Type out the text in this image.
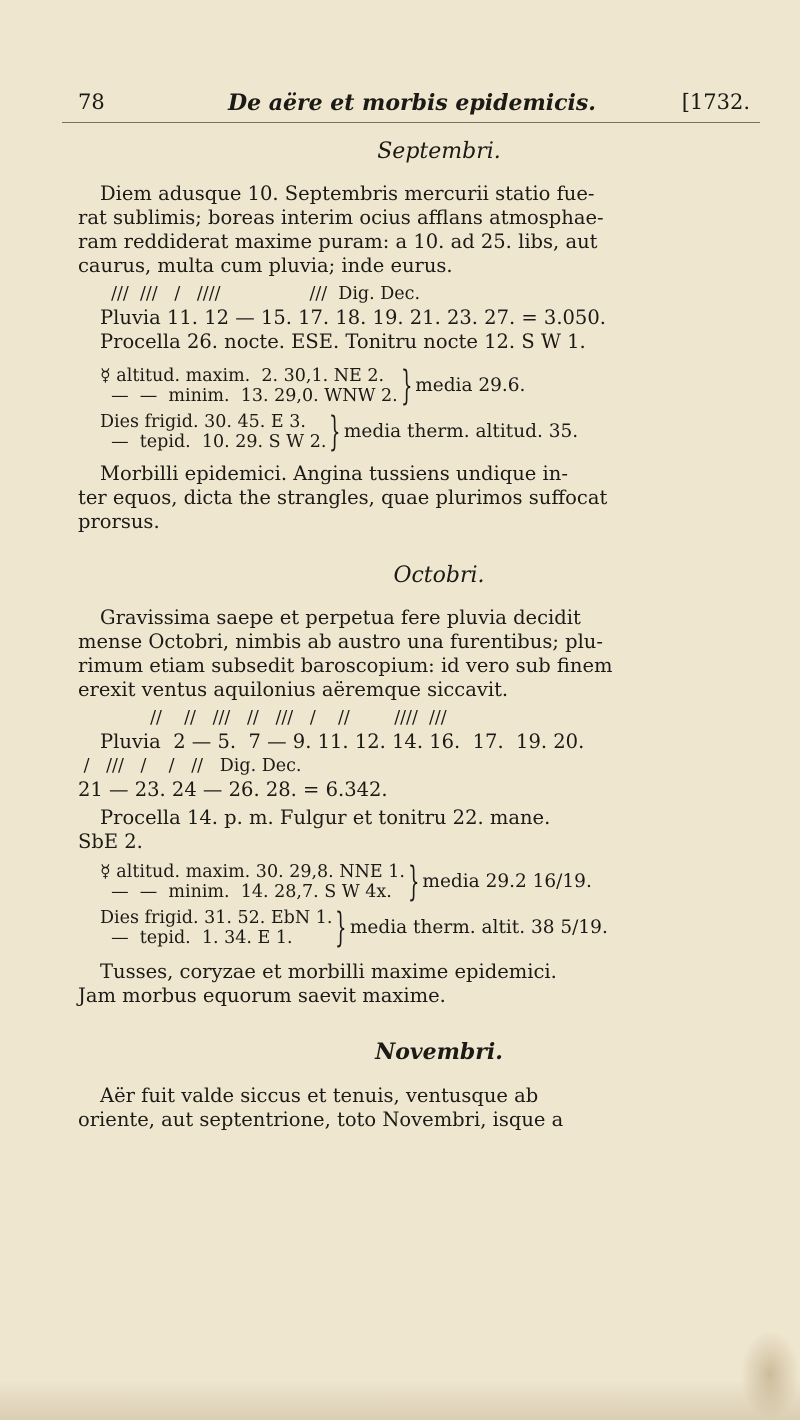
78	De aëre et morbis epidemicis.	[1732.
Septembri.
Diem adusque 10. Septembris mercurii statio fue-
rat sublimis; boreas interim ocius afflans atmosphae-
ram reddiderat maxime puram: a 10. ad 25. libs, aut
caurus, multa cum pluvia; inde eurus.
///  ///   /   ////                ///  Dig. Dec.
Pluvia 11. 12 — 15. 17. 18. 19. 21. 23. 27. = 3.050.
Procella 26. nocte. ESE. Tonitru nocte 12. S W 1.
☿ altitud. maxim.  2. 30,1. NE 2.
—  —  minim.  13. 29,0. WNW 2. } media 29.6.
Dies frigid. 30. 45. E 3.
—  tepid.  10. 29. S W 2. } media therm. altitud. 35.
Morbilli epidemici. Angina tussiens undique in-
ter equos, dicta the strangles, quae plurimos suffocat
prorsus.
Octobri.
Gravissima saepe et perpetua fere pluvia decidit
mense Octobri, nimbis ab austro una furentibus; plu-
rimum etiam subsedit baroscopium: id vero sub finem
erexit ventus aquilonius aëremque siccavit.
//    //   ///   //   ///   /    //        ////  ///
Pluvia  2 — 5.  7 — 9. 11. 12. 14. 16.  17.  19. 20.
/   ///   /    /   //   Dig. Dec.
21 — 23. 24 — 26. 28. = 6.342.
Procella 14. p. m. Fulgur et tonitru 22. mane.
SbE 2.
☿ altitud. maxim. 30. 29,8. NNE 1.
—  —  minim.  14. 28,7. S W 4x. } media 29.2 16/19.
Dies frigid. 31. 52. EbN 1.
—  tepid.  1. 34. E 1.	} media therm. altit. 38 5/19.
Tusses, coryzae et morbilli maxime epidemici.
Jam morbus equorum saevit maxime.
Novembri.
Aër fuit valde siccus et tenuis, ventusque ab
oriente, aut septentrione, toto Novembri, isque a
